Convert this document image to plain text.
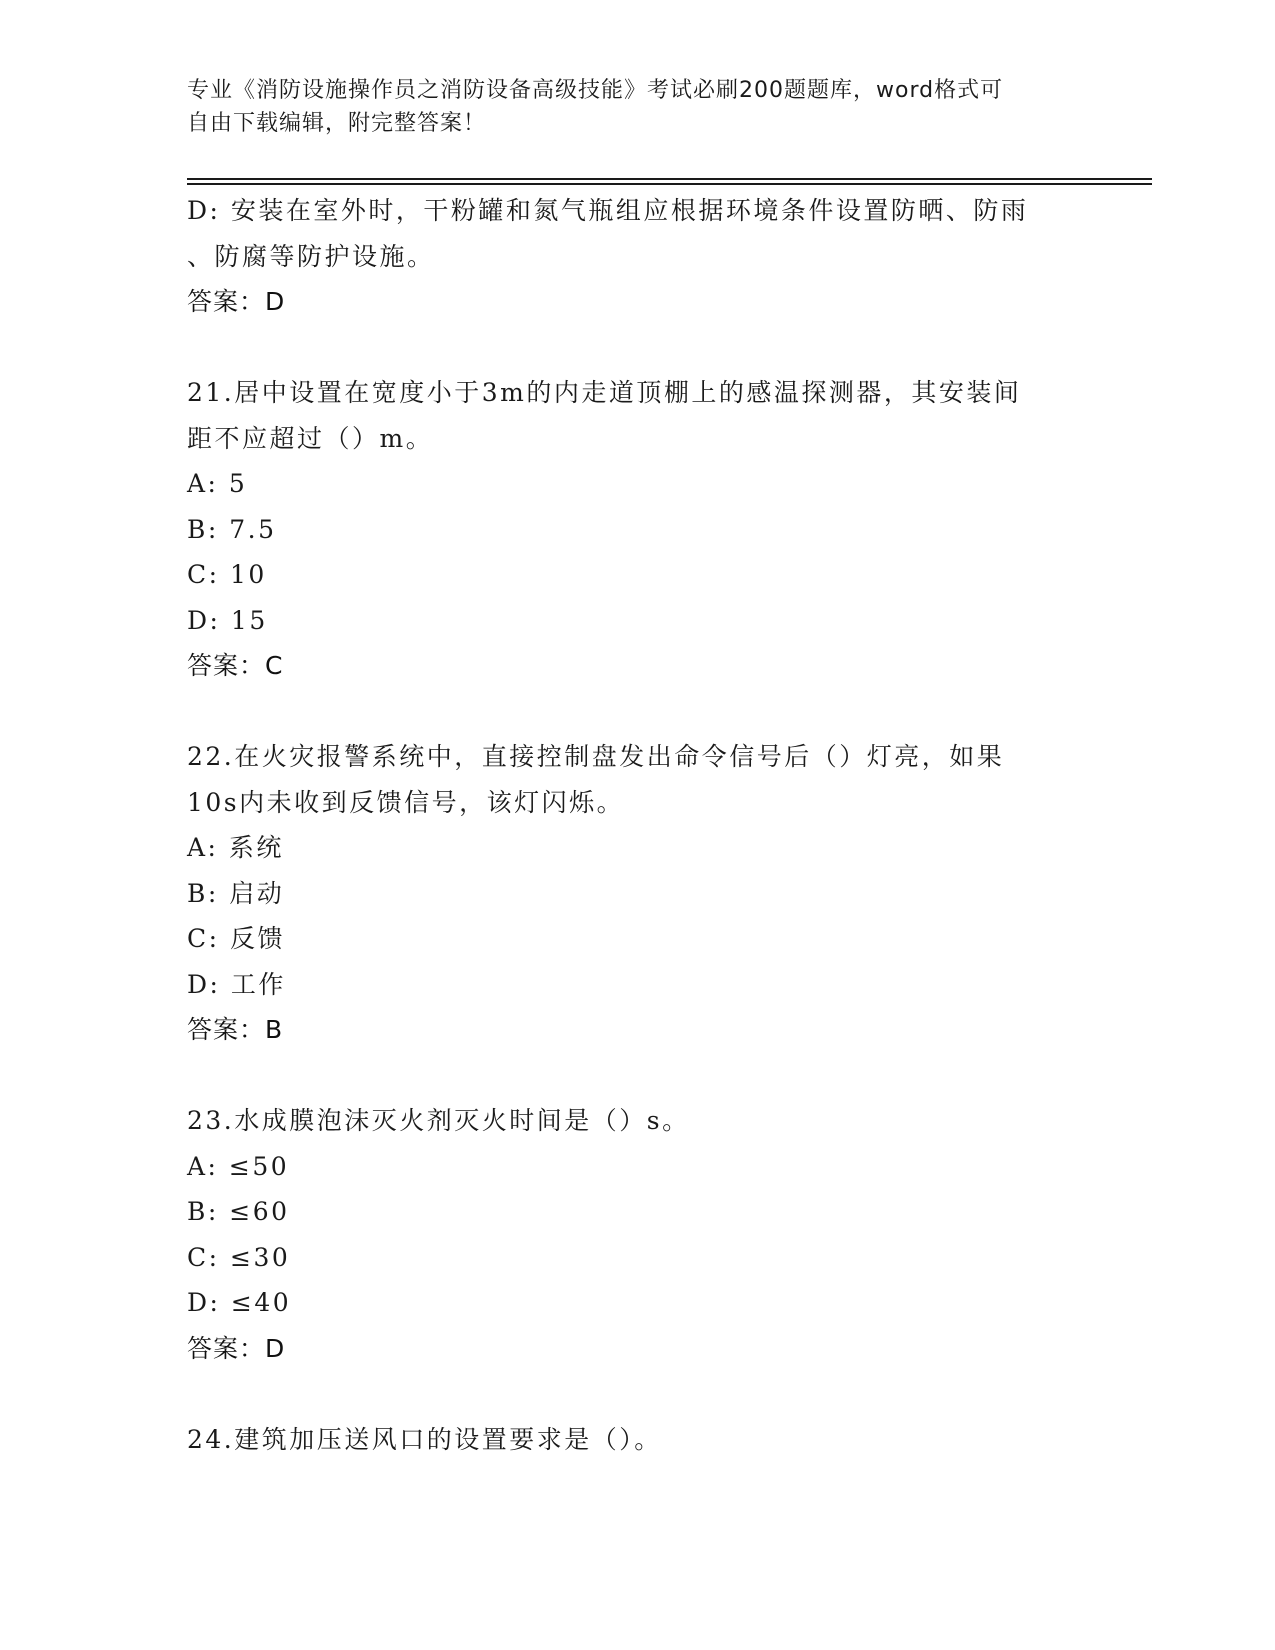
专业《消防设施操作员之消防设备高级技能》考试必刷200题题库，word格式可
自由下载编辑，附完整答案！
D: 安装在室外时，干粉罐和氮气瓶组应根据环境条件设置防晒、防雨
、防腐等防护设施。
答案：D
21.居中设置在宽度小于3m的内走道顶棚上的感温探测器，其安装间
距不应超过（）m。
A: 5
B: 7.5
C: 10
D: 15
答案：C
22.在火灾报警系统中，直接控制盘发出命令信号后（）灯亮，如果
10s内未收到反馈信号，该灯闪烁。
A: 系统
B: 启动
C: 反馈
D: 工作
答案：B
23.水成膜泡沫灭火剂灭火时间是（）s。
A: ≤50
B: ≤60
C: ≤30
D: ≤40
答案：D
24.建筑加压送风口的设置要求是（）。
